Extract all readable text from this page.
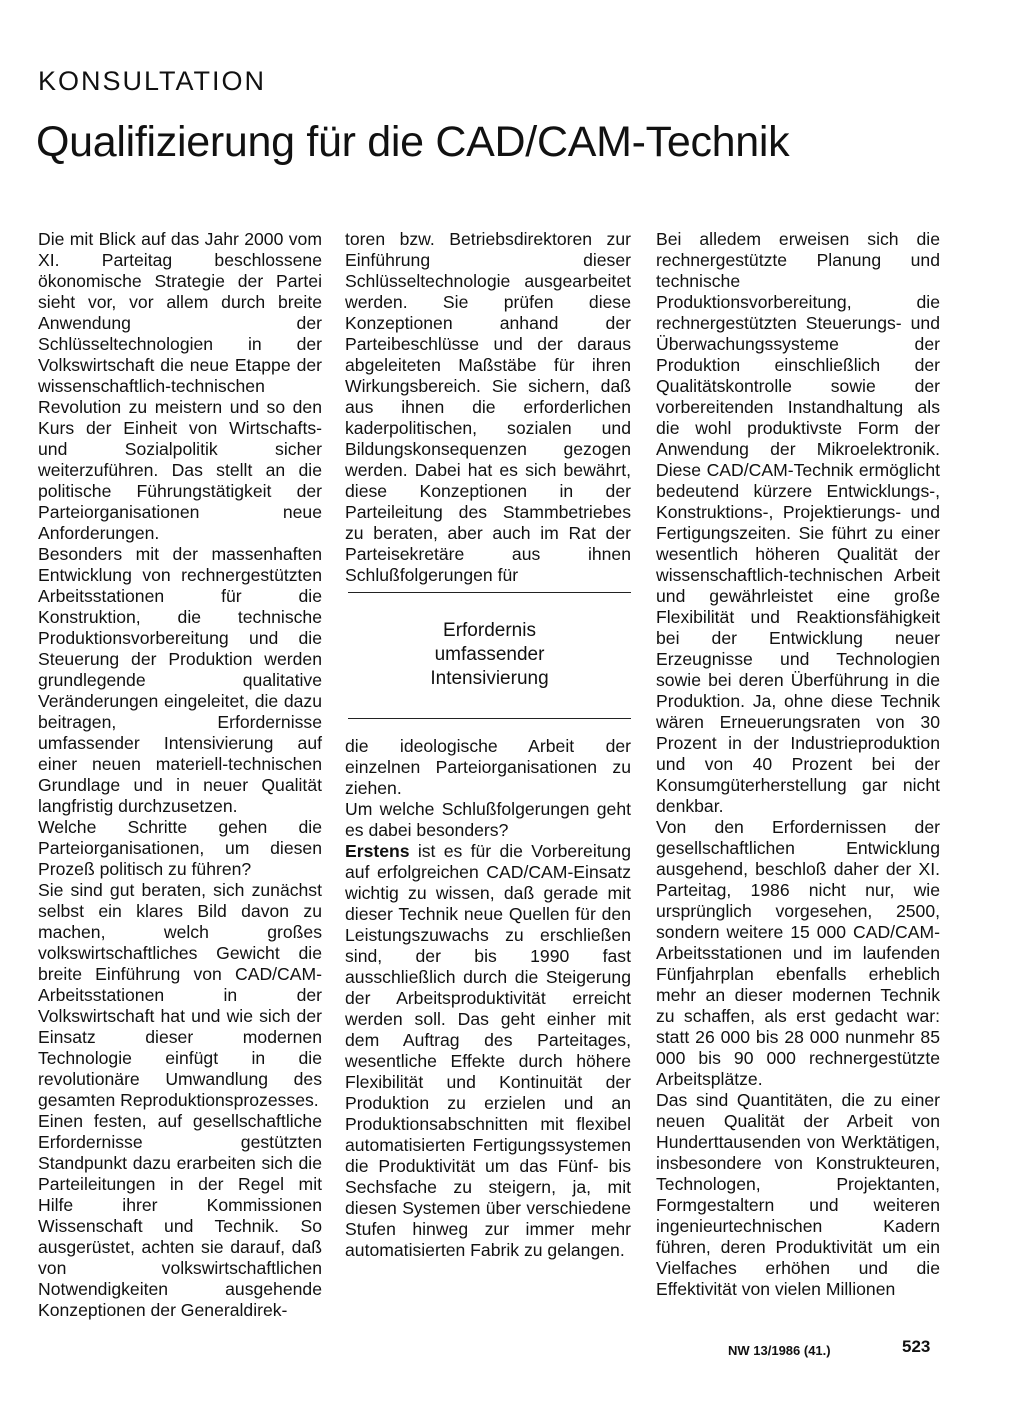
KONSULTATION
Qualifizierung für die CAD/CAM-Technik

Die mit Blick auf das Jahr 2000 vom XI. Parteitag beschlossene ökonomische Strategie der Partei sieht vor, vor allem durch breite Anwendung der Schlüsseltechnologien in der Volkswirtschaft die neue Etappe der wissenschaftlich-technischen Revolution zu meistern und so den Kurs der Einheit von Wirtschafts- und Sozialpolitik sicher weiterzuführen. Das stellt an die politische Führungstätigkeit der Parteiorganisationen neue Anforderungen.

Besonders mit der massenhaften Entwicklung von rechnergestützten Arbeitsstationen für die Konstruktion, die technische Produktionsvorbereitung und die Steuerung der Produktion werden grundlegende qualitative Veränderungen eingeleitet, die dazu beitragen, Erfordernisse umfassender Intensivierung auf einer neuen materiell-technischen Grundlage und in neuer Qualität langfristig durchzusetzen.

Welche Schritte gehen die Parteiorganisationen, um diesen Prozeß politisch zu führen?

Sie sind gut beraten, sich zunächst selbst ein klares Bild davon zu machen, welch großes volkswirtschaftliches Gewicht die breite Einführung von CAD/CAM-Arbeitsstationen in der Volkswirtschaft hat und wie sich der Einsatz dieser modernen Technologie einfügt in die revolutionäre Umwandlung des gesamten Reproduktionsprozesses.

Einen festen, auf gesellschaftliche Erfordernisse gestützten Standpunkt dazu erarbeiten sich die Parteileitungen in der Regel mit Hilfe ihrer Kommissionen Wissenschaft und Technik. So ausgerüstet, achten sie darauf, daß von volkswirtschaftlichen Notwendigkeiten ausgehende Konzeptionen der Generaldirek-

toren bzw. Betriebsdirektoren zur Einführung dieser Schlüsseltechnologie ausgearbeitet werden. Sie prüfen diese Konzeptionen anhand der Parteibeschlüsse und der daraus abgeleiteten Maßstäbe für ihren Wirkungsbereich. Sie sichern, daß aus ihnen die erforderlichen kaderpolitischen, sozialen und Bildungskonsequenzen gezogen werden. Dabei hat es sich bewährt, diese Konzeptionen in der Parteileitung des Stammbetriebes zu beraten, aber auch im Rat der Parteisekretäre aus ihnen Schlußfolgerungen für

Erfordernis
umfassender
Intensivierung

die ideologische Arbeit der einzelnen Parteiorganisationen zu ziehen.

Um welche Schlußfolgerungen geht es dabei besonders?

Erstens ist es für die Vorbereitung auf erfolgreichen CAD/CAM-Einsatz wichtig zu wissen, daß gerade mit dieser Technik neue Quellen für den Leistungszuwachs zu erschließen sind, der bis 1990 fast ausschließlich durch die Steigerung der Arbeitsproduktivität erreicht werden soll. Das geht einher mit dem Auftrag des Parteitages, wesentliche Effekte durch höhere Flexibilität und Kontinuität der Produktion zu erzielen und an Produktionsabschnitten mit flexibel automatisierten Fertigungssystemen die Produktivität um das Fünf- bis Sechsfache zu steigern, ja, mit diesen Systemen über verschiedene Stufen hinweg zur immer mehr automatisierten Fabrik zu gelangen.

Bei alledem erweisen sich die rechnergestützte Planung und technische Produktionsvorbereitung, die rechnergestützten Steuerungs- und Überwachungssysteme der Produktion einschließlich der Qualitätskontrolle sowie der vorbereitenden Instandhaltung als die wohl produktivste Form der Anwendung der Mikroelektronik. Diese CAD/CAM-Technik ermöglicht bedeutend kürzere Entwicklungs-, Konstruktions-, Projektierungs- und Fertigungszeiten. Sie führt zu einer wesentlich höheren Qualität der wissenschaftlich-technischen Arbeit und gewährleistet eine große Flexibilität und Reaktionsfähigkeit bei der Entwicklung neuer Erzeugnisse und Technologien sowie bei deren Überführung in die Produktion. Ja, ohne diese Technik wären Erneuerungsraten von 30 Prozent in der Industrieproduktion und von 40 Prozent bei der Konsumgüterherstellung gar nicht denkbar.

Von den Erfordernissen der gesellschaftlichen Entwicklung ausgehend, beschloß daher der XI. Parteitag, 1986 nicht nur, wie ursprünglich vorgesehen, 2500, sondern weitere 15 000 CAD/CAM-Arbeitsstationen und im laufenden Fünfjahrplan ebenfalls erheblich mehr an dieser modernen Technik zu schaffen, als erst gedacht war: statt 26 000 bis 28 000 nunmehr 85 000 bis 90 000 rechnergestützte Arbeitsplätze.

Das sind Quantitäten, die zu einer neuen Qualität der Arbeit von Hunderttausenden von Werktätigen, insbesondere von Konstrukteuren, Technologen, Projektanten, Formgestaltern und weiteren ingenieurtechnischen Kadern führen, deren Produktivität um ein Vielfaches erhöhen und die Effektivität von vielen Millionen

NW 13/1986 (41.)	523
